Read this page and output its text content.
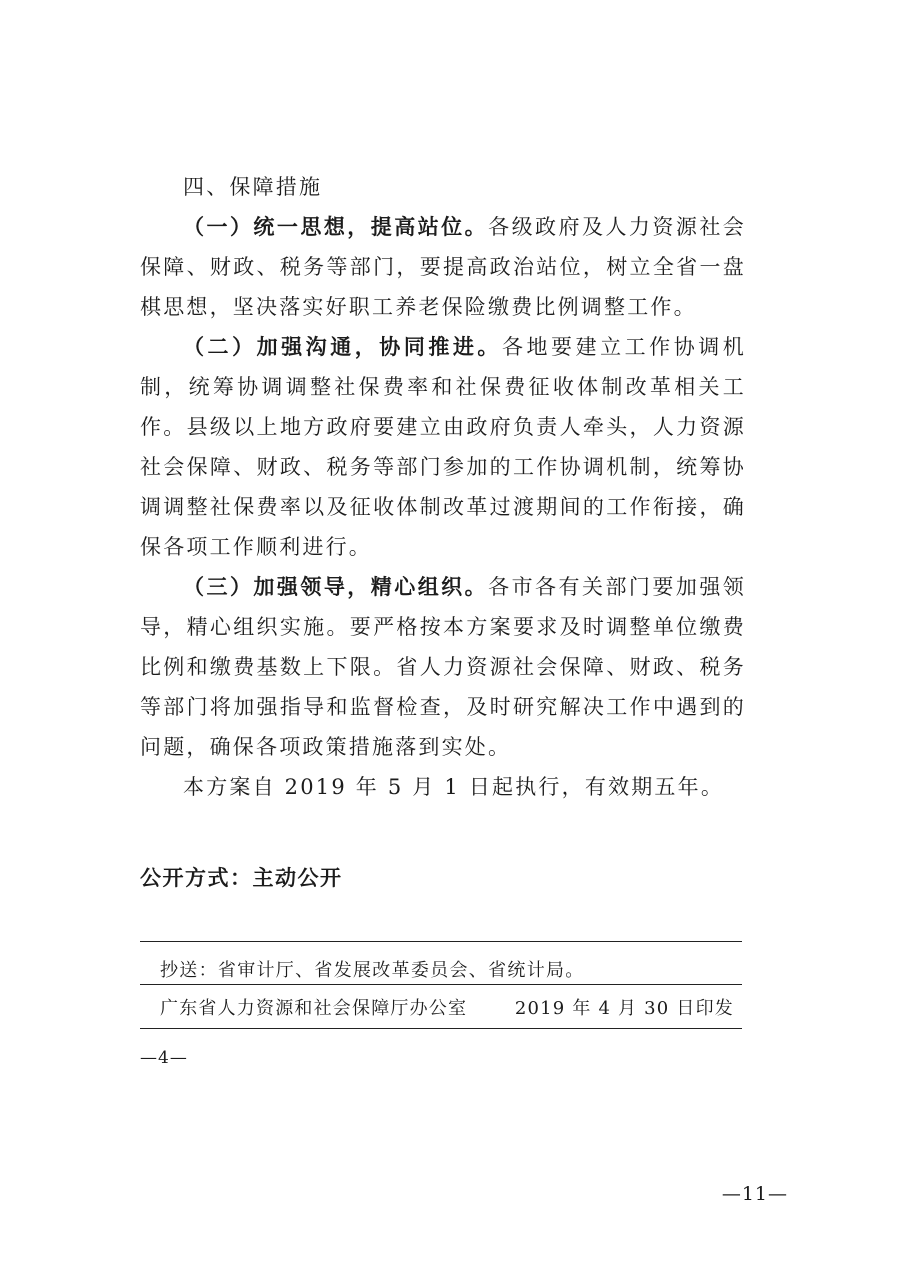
四、保障措施

（一）统一思想，提高站位。各级政府及人力资源社会保障、财政、税务等部门，要提高政治站位，树立全省一盘棋思想，坚决落实好职工养老保险缴费比例调整工作。

（二）加强沟通，协同推进。各地要建立工作协调机制，统筹协调调整社保费率和社保费征收体制改革相关工作。县级以上地方政府要建立由政府负责人牵头，人力资源社会保障、财政、税务等部门参加的工作协调机制，统筹协调调整社保费率以及征收体制改革过渡期间的工作衔接，确保各项工作顺利进行。

（三）加强领导，精心组织。各市各有关部门要加强领导，精心组织实施。要严格按本方案要求及时调整单位缴费比例和缴费基数上下限。省人力资源社会保障、财政、税务等部门将加强指导和监督检查，及时研究解决工作中遇到的问题，确保各项政策措施落到实处。

本方案自 2019 年 5 月 1 日起执行，有效期五年。

公开方式：主动公开
抄送：省审计厅、省发展改革委员会、省统计局。
广东省人力资源和社会保障厅办公室	2019 年 4 月 30 日印发
—4—
—11—
